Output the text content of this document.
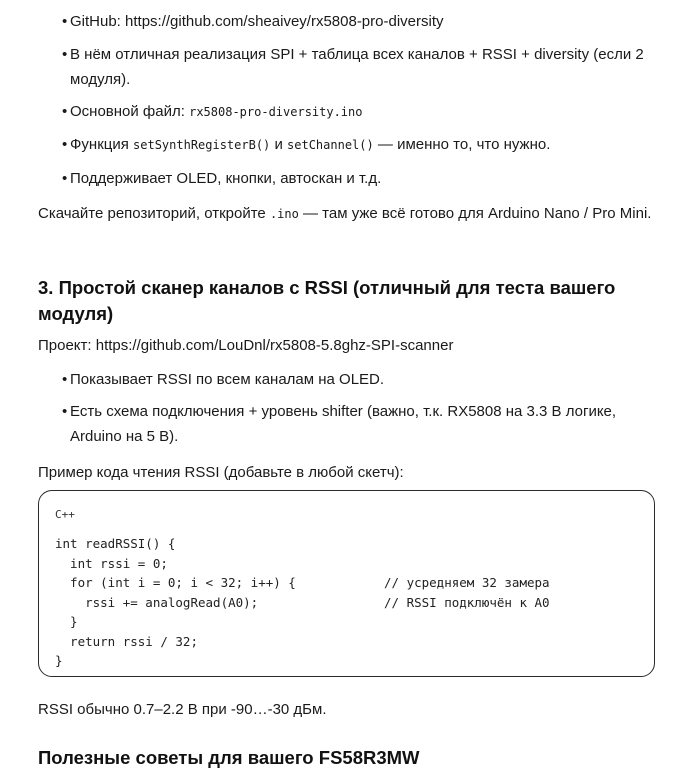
• GitHub: https://github.com/sheaivey/rx5808-pro-diversity
• В нём отличная реализация SPI + таблица всех каналов + RSSI + diversity (если 2 модуля).
• Основной файл: rx5808-pro-diversity.ino
• Функция setSynthRegisterB() и setChannel() — именно то, что нужно.
• Поддерживает OLED, кнопки, автоскан и т.д.
Скачайте репозиторий, откройте .ino — там уже всё готово для Arduino Nano / Pro Mini.
3. Простой сканер каналов с RSSI (отличный для теста вашего модуля)
Проект: https://github.com/LouDnl/rx5808-5.8ghz-SPI-scanner
• Показывает RSSI по всем каналам на OLED.
• Есть схема подключения + уровень shifter (важно, т.к. RX5808 на 3.3 В логике, Arduino на 5 В).
Пример кода чтения RSSI (добавьте в любой скетч):
C++
int readRSSI() {
int rssi = 0;
for (int i = 0; i < 32; i++) {	// усредняем 32 замера
rssi += analogRead(A0);	// RSSI подключён к A0
}
return rssi / 32;
}
RSSI обычно 0.7–2.2 В при -90…-30 дБм.
Полезные советы для вашего FS58R3MW
